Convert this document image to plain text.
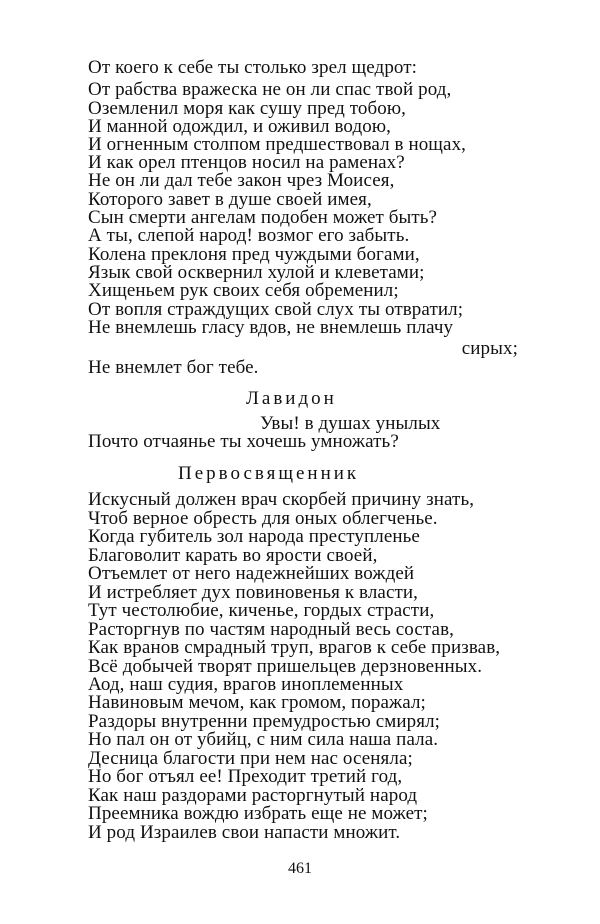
От коего к себе ты столько зрел щедрот:
От рабства вражеска не он ли спас твой род,
Оземленил моря как сушу пред тобою,
И манной одождил, и оживил водою,
И огненным столпом предшествовал в нощах,
И как орел птенцов носил на раменах?
Не он ли дал тебе закон чрез Моисея,
Которого завет в душе своей имея,
Сын смерти ангелам подобен может быть?
А ты, слепой народ! возмог его забыть.
Колена преклоня пред чуждыми богами,
Язык свой осквернил хулой и клеветами;
Хищеньем рук своих себя обременил;
От вопля страждущих свой слух ты отвратил;
Не внемлешь гласу вдов, не внемлешь плачу
сирых;
Не внемлет бог тебе.
Лавидон
Увы! в душах унылых
Почто отчаянье ты хочешь умножать?
Первосвященник
Искусный должен врач скорбей причину знать,
Чтоб верное обресть для оных облегченье.
Когда губитель зол народа преступленье
Благоволит карать во ярости своей,
Отъемлет от него надежнейших вождей
И истребляет дух повиновенья к власти,
Тут честолюбие, киченье, гордых страсти,
Расторгнув по частям народный весь состав,
Как вранов смрадный труп, врагов к себе призвав,
Всё добычей творят пришельцев дерзновенных.
Аод, наш судия, врагов иноплеменных
Навиновым мечом, как громом, поражал;
Раздоры внутренни премудростью смирял;
Но пал он от убийц, с ним сила наша пала.
Десница благости при нем нас осеняла;
Но бог отъял ее! Преходит третий год,
Как наш раздорами расторгнутый народ
Преемника вождю избрать еще не может;
И род Израилев свои напасти множит.
461
